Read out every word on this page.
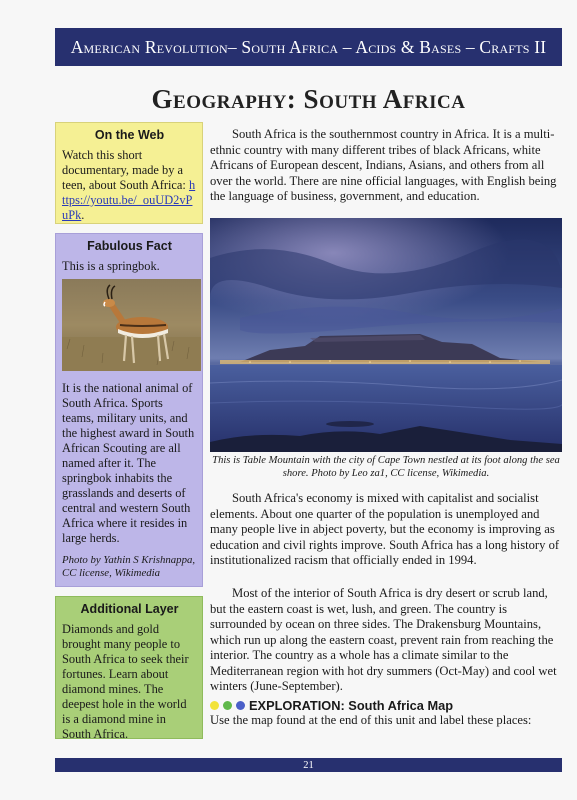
American Revolution– South Africa – Acids & Bases – Crafts II
Geography: South Africa
On the Web
Watch this short documentary, made by a teen, about South Africa: https://youtu.be/_ouUD2vPuPk.
Fabulous Fact
This is a springbok.
It is the national animal of South Africa. Sports teams, military units, and the highest award in South African Scouting are all named after it. The springbok inhabits the grasslands and deserts of central and western South Africa where it resides in large herds.
Photo by Yathin S Krishnappa, CC license, Wikimedia
Additional Layer
Diamonds and gold brought many people to South Africa to seek their fortunes. Learn about diamond mines. The deepest hole in the world is a diamond mine in South Africa.

South Africa is the southernmost country in Africa. It is a multi-ethnic country with many different tribes of black Africans, white Africans of European descent, Indians, Asians, and others from all over the world. There are nine official languages, with English being the language of business, government, and education.

This is Table Mountain with the city of Cape Town nestled at its foot along the sea shore. Photo by Leo za1, CC license, Wikimedia.

South Africa's economy is mixed with capitalist and socialist elements. About one quarter of the population is unemployed and many people live in abject poverty, but the economy is improving as education and civil rights improve. South Africa has a long history of institutionalized racism that officially ended in 1994.

Most of the interior of South Africa is dry desert or scrub land, but the eastern coast is wet, lush, and green. The country is surrounded by ocean on three sides. The Drakensburg Mountains, which run up along the eastern coast, prevent rain from reaching the interior. The country as a whole has a climate similar to the Mediterranean region with hot dry summers (Oct-May) and cool wet winters (June-September).

EXPLORATION: South Africa Map
Use the map found at the end of this unit and label these places:
21
